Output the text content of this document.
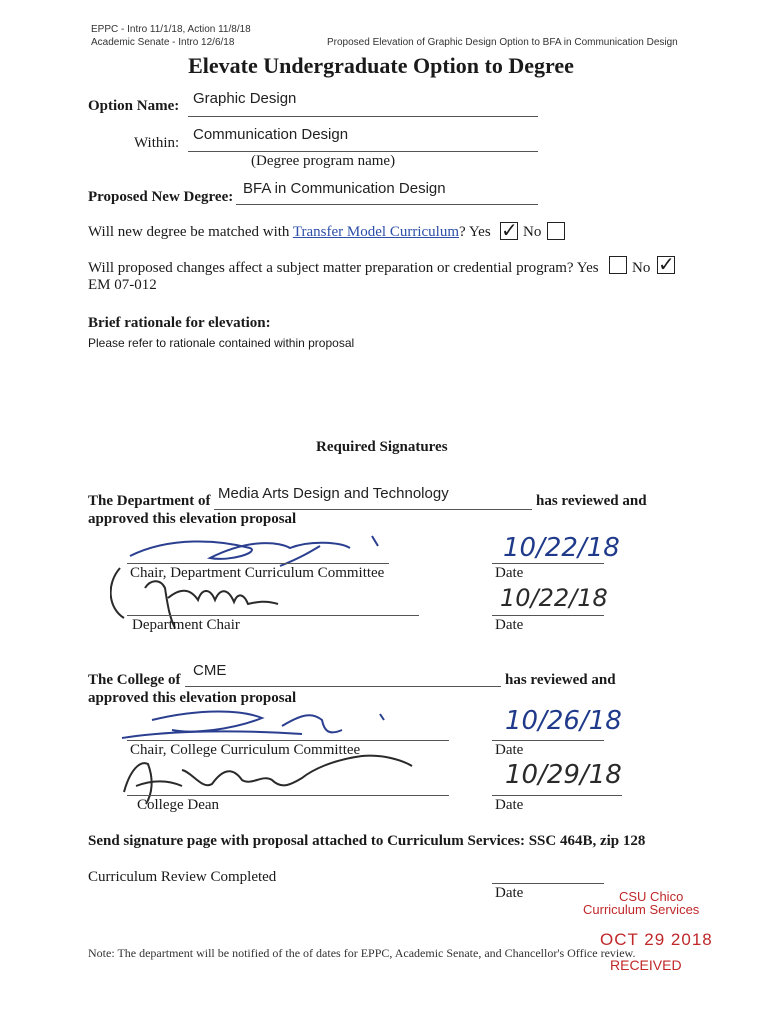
EPPC - Intro 11/1/18, Action 11/8/18
Academic Senate - Intro 12/6/18	Proposed Elevation of Graphic Design Option to BFA in Communication Design
Elevate Undergraduate Option to Degree
Option Name: Graphic Design
Within: Communication Design
(Degree program name)
Proposed New Degree: BFA in Communication Design
Will new degree be matched with Transfer Model Curriculum? Yes ✓ No
Will proposed changes affect a subject matter preparation or credential program? Yes No ✓
EM 07-012
Brief rationale for elevation:
Please refer to rationale contained within proposal
Required Signatures
The Department of Media Arts Design and Technology	has reviewed and
approved this elevation proposal
Chair, Department Curriculum Committee	Date
10/22/18
Department Chair	Date
10/22/18
The College of
CME
has reviewed and
approved this elevation proposal
Chair, College Curriculum Committee	Date
10/26/18
College Dean	Date
10/29/18
Send signature page with proposal attached to Curriculum Services: SSC 464B, zip 128
Curriculum Review Completed
Date	CSU Chico
Curriculum Services
OCT 29 2018
Note: The department will be notified of the of dates for EPPC, Academic Senate, and Chancellor's Office review.
RECEIVED
